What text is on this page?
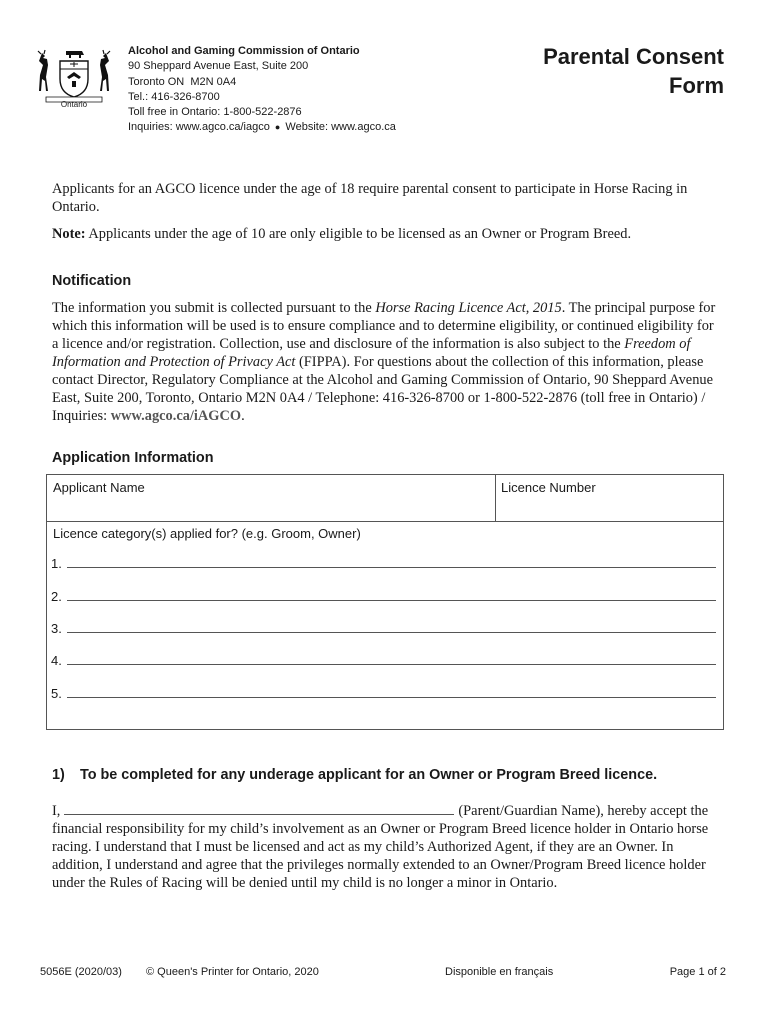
Ontario
Alcohol and Gaming Commission of Ontario
90 Sheppard Avenue East, Suite 200
Toronto ON  M2N 0A4
Tel.: 416-326-8700
Toll free in Ontario: 1-800-522-2876
Inquiries: www.agco.ca/iagco ● Website: www.agco.ca
Parental Consent
Form
Applicants for an AGCO licence under the age of 18 require parental consent to participate in Horse Racing in Ontario.
Note: Applicants under the age of 10 are only eligible to be licensed as an Owner or Program Breed.
Notification
The information you submit is collected pursuant to the Horse Racing Licence Act, 2015. The principal purpose for which this information will be used is to ensure compliance and to determine eligibility, or continued eligibility for a licence and/or registration. Collection, use and disclosure of the information is also subject to the Freedom of Information and Protection of Privacy Act (FIPPA). For questions about the collection of this information, please contact Director, Regulatory Compliance at the Alcohol and Gaming Commission of Ontario, 90 Sheppard Avenue East, Suite 200, Toronto, Ontario M2N 0A4 / Telephone: 416-326-8700 or 1-800-522-2876 (toll free in Ontario) / Inquiries: www.agco.ca/iAGCO.
Application Information
Applicant Name	Licence Number
Licence category(s) applied for? (e.g. Groom, Owner)
1.
2.
3.
4.
5.
1) To be completed for any underage applicant for an Owner or Program Breed licence.
I,	(Parent/Guardian Name), hereby accept the
financial responsibility for my child’s involvement as an Owner or Program Breed licence holder in Ontario horse racing. I understand that I must be licensed and act as my child’s Authorized Agent, if they are an Owner. In addition, I understand and agree that the privileges normally extended to an Owner/Program Breed licence holder under the Rules of Racing will be denied until my child is no longer a minor in Ontario.
5056E (2020/03) © Queen's Printer for Ontario, 2020	Disponible en français	Page 1 of 2
